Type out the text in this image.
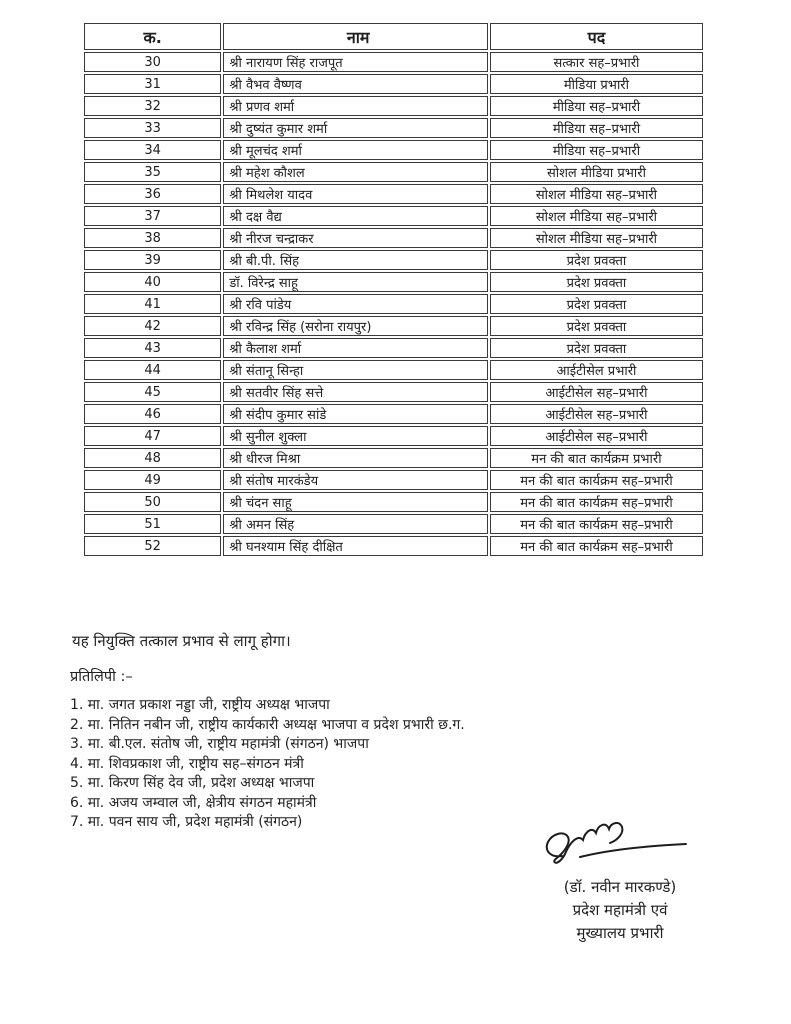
क.	नाम	पद
30	श्री नारायण सिंह राजपूत	सत्कार सह–प्रभारी
31	श्री वैभव वैष्णव	मीडिया प्रभारी
32	श्री प्रणव शर्मा	मीडिया सह–प्रभारी
33	श्री दुष्यंत कुमार शर्मा	मीडिया सह–प्रभारी
34	श्री मूलचंद शर्मा	मीडिया सह–प्रभारी
35	श्री महेश कौशल	सोशल मीडिया प्रभारी
36	श्री मिथलेश यादव	सोशल मीडिया सह–प्रभारी
37	श्री दक्ष वैद्य	सोशल मीडिया सह–प्रभारी
38	श्री नीरज चन्द्राकर	सोशल मीडिया सह–प्रभारी
39	श्री बी.पी. सिंह	प्रदेश प्रवक्ता
40	डॉ. विरेन्द्र साहू	प्रदेश प्रवक्ता
41	श्री रवि पांडेय	प्रदेश प्रवक्ता
42	श्री रविन्द्र सिंह (सरोना रायपुर)	प्रदेश प्रवक्ता
43	श्री कैलाश शर्मा	प्रदेश प्रवक्ता
44	श्री संतानू सिन्हा	आईटीसेल प्रभारी
45	श्री सतवीर सिंह सत्ते	आईटीसेल सह–प्रभारी
46	श्री संदीप कुमार सांडे	आईटीसेल सह–प्रभारी
47	श्री सुनील शुक्ला	आईटीसेल सह–प्रभारी
48	श्री धीरज मिश्रा	मन की बात कार्यक्रम प्रभारी
49	श्री संतोष मारकंडेय	मन की बात कार्यक्रम सह–प्रभारी
50	श्री चंदन साहू	मन की बात कार्यक्रम सह–प्रभारी
51	श्री अमन सिंह	मन की बात कार्यक्रम सह–प्रभारी
52	श्री घनश्याम सिंह दीक्षित	मन की बात कार्यक्रम सह–प्रभारी

यह नियुक्ति तत्काल प्रभाव से लागू होगा।

प्रतिलिपी :–

1. मा. जगत प्रकाश नड्डा जी, राष्ट्रीय अध्यक्ष भाजपा

2. मा. नितिन नबीन जी, राष्ट्रीय कार्यकारी अध्यक्ष भाजपा व प्रदेश प्रभारी छ.ग.

3. मा. बी.एल. संतोष जी, राष्ट्रीय महामंत्री (संगठन) भाजपा

4. मा. शिवप्रकाश जी, राष्ट्रीय सह–संगठन मंत्री

5. मा. किरण सिंह देव जी, प्रदेश अध्यक्ष भाजपा

6. मा. अजय जम्वाल जी, क्षेत्रीय संगठन महामंत्री

7. मा. पवन साय जी, प्रदेश महामंत्री (संगठन)

(डॉ. नवीन मारकण्डे)

प्रदेश महामंत्री एवं

मुख्यालय प्रभारी
